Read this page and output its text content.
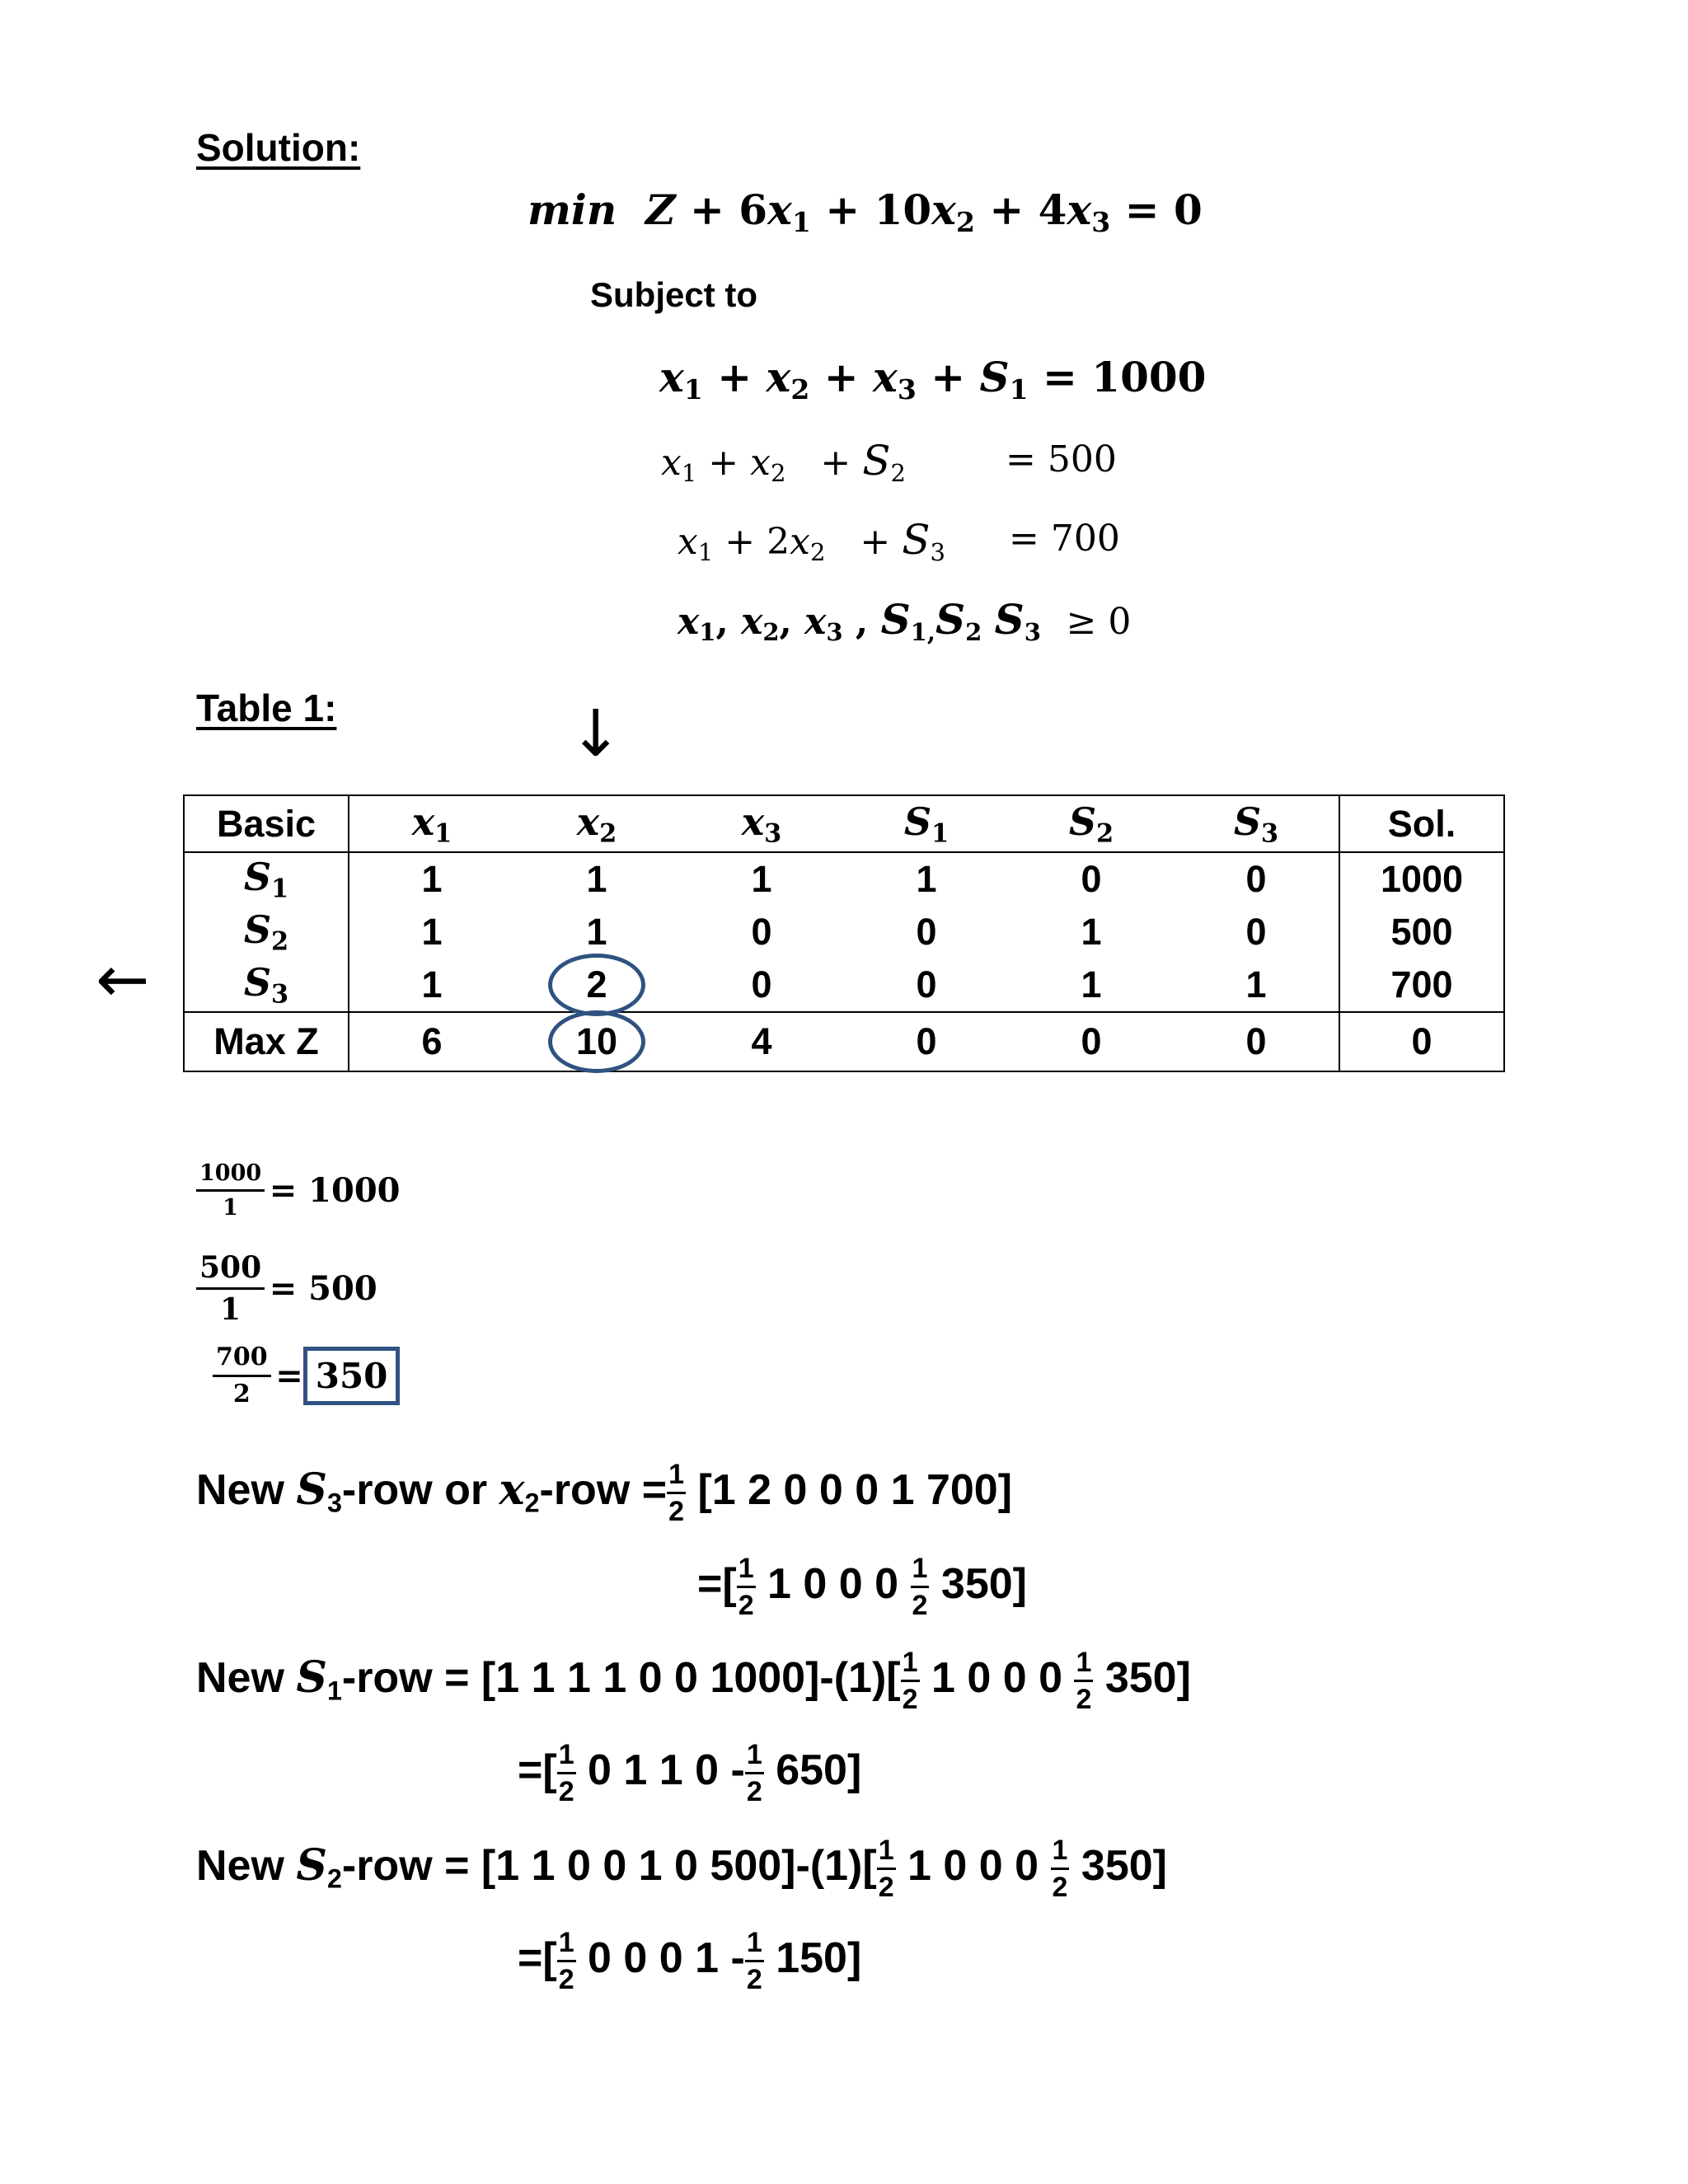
Solution:
$\min Z + 6x_1 + 10x_2 + 4x_3 = 0$
Subject to
$x_1 + x_2 + x_3 + S_1 = 1000$
$x_1 + x_2 + S_2$	= 500
$x_1 + 2x_2 + S_3 = 700$
$x_1$, $x_2$, $x_3$ , $S_{1,}S_2$ $S_3 \ge 0$
Table 1:	↓
←
Basic	$x_1$	$x_2$	$x_3$	$S_1$	$S_2$	$S_3$	Sol.
$S_1$	1	1	1	1	0	0	1000
$S_2$	1	1	0	0	1	0	500
$S_3$	1	2	0	0	1	1	700
Max Z	6	10	4	0	0	0	0
$\frac{1000}{1} = 1000$
$\frac{500}{1} = 500$
$\frac{700}{2} = 350$
New $S_3$-row or $x_2$-row = $\frac{1}{2} [1$ 2 0 0 0 1 700]
=[ $\frac{1}{2} 1$ 0 0 $0 \frac{1}{2} 350$]
New $S_1$-row = [1 1 1 1 0 0 $1000]-(1)[ \frac{1}{2} 1$ 0 0 $0 \frac{1}{2} 350$]
=[ $\frac{1}{2} 0$ 1 1 $0 - \frac{1}{2} 650$]
New $S_2$-row = [1 1 0 0 1 0 $500]-(1)[ \frac{1}{2} 1$ 0 0 $0 \frac{1}{2} 350$]
=[ $\frac{1}{2} 0$ 0 0 $1 - \frac{1}{2} 150$]
